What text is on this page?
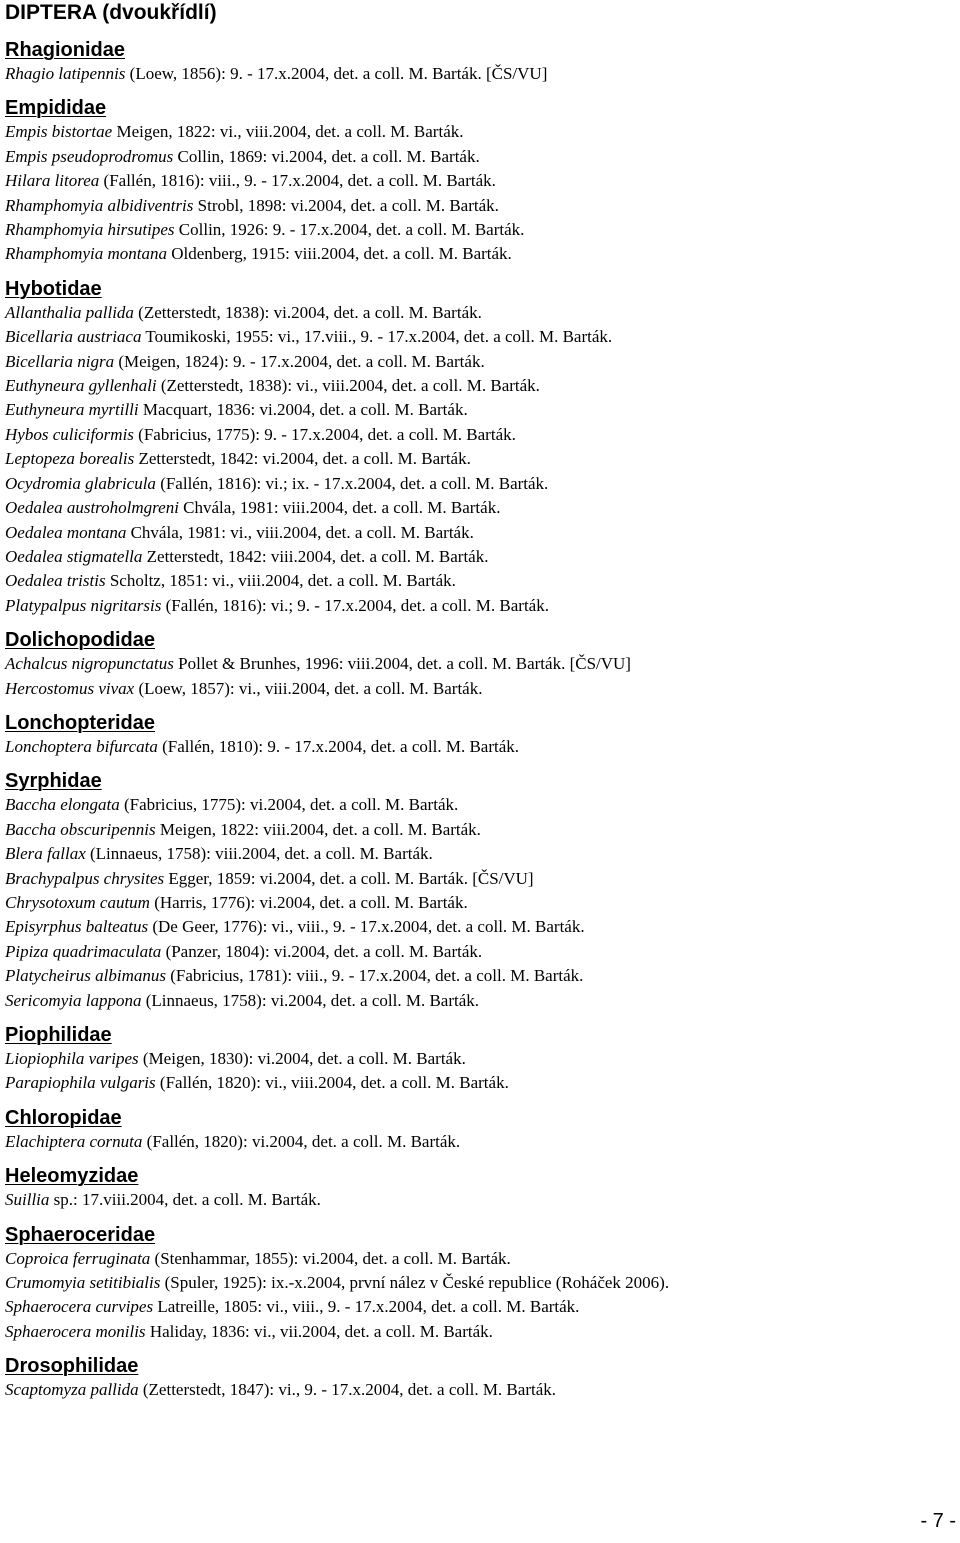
DIPTERA (dvoukřídlí)
Rhagionidae
Rhagio latipennis (Loew, 1856): 9. - 17.x.2004, det. a coll. M. Barták. [ČS/VU]
Empididae
Empis bistortae Meigen, 1822: vi., viii.2004, det. a coll. M. Barták.
Empis pseudoprodromus Collin, 1869: vi.2004, det. a coll. M. Barták.
Hilara litorea (Fallén, 1816): viii., 9. - 17.x.2004, det. a coll. M. Barták.
Rhamphomyia albidiventris Strobl, 1898: vi.2004, det. a coll. M. Barták.
Rhamphomyia hirsutipes Collin, 1926: 9. - 17.x.2004, det. a coll. M. Barták.
Rhamphomyia montana Oldenberg, 1915: viii.2004, det. a coll. M. Barták.
Hybotidae
Allanthalia pallida (Zetterstedt, 1838): vi.2004, det. a coll. M. Barták.
Bicellaria austriaca Toumikoski, 1955: vi., 17.viii., 9. - 17.x.2004, det. a coll. M. Barták.
Bicellaria nigra (Meigen, 1824): 9. - 17.x.2004, det. a coll. M. Barták.
Euthyneura gyllenhali (Zetterstedt, 1838): vi., viii.2004, det. a coll. M. Barták.
Euthyneura myrtilli Macquart, 1836: vi.2004, det. a coll. M. Barták.
Hybos culiciformis (Fabricius, 1775): 9. - 17.x.2004, det. a coll. M. Barták.
Leptopeza borealis Zetterstedt, 1842: vi.2004, det. a coll. M. Barták.
Ocydromia glabricula (Fallén, 1816): vi.; ix. - 17.x.2004, det. a coll. M. Barták.
Oedalea austroholmgreni Chvála, 1981: viii.2004, det. a coll. M. Barták.
Oedalea montana Chvála, 1981: vi., viii.2004, det. a coll. M. Barták.
Oedalea stigmatella Zetterstedt, 1842: viii.2004, det. a coll. M. Barták.
Oedalea tristis Scholtz, 1851: vi., viii.2004, det. a coll. M. Barták.
Platypalpus nigritarsis (Fallén, 1816): vi.; 9. - 17.x.2004, det. a coll. M. Barták.
Dolichopodidae
Achalcus nigropunctatus Pollet & Brunhes, 1996: viii.2004, det. a coll. M. Barták. [ČS/VU]
Hercostomus vivax (Loew, 1857): vi., viii.2004, det. a coll. M. Barták.
Lonchopteridae
Lonchoptera bifurcata (Fallén, 1810): 9. - 17.x.2004, det. a coll. M. Barták.
Syrphidae
Baccha elongata (Fabricius, 1775): vi.2004, det. a coll. M. Barták.
Baccha obscuripennis Meigen, 1822: viii.2004, det. a coll. M. Barták.
Blera fallax (Linnaeus, 1758): viii.2004, det. a coll. M. Barták.
Brachypalpus chrysites Egger, 1859: vi.2004, det. a coll. M. Barták. [ČS/VU]
Chrysotoxum cautum (Harris, 1776): vi.2004, det. a coll. M. Barták.
Episyrphus balteatus (De Geer, 1776): vi., viii., 9. - 17.x.2004, det. a coll. M. Barták.
Pipiza quadrimaculata (Panzer, 1804): vi.2004, det. a coll. M. Barták.
Platycheirus albimanus (Fabricius, 1781): viii., 9. - 17.x.2004, det. a coll. M. Barták.
Sericomyia lappona (Linnaeus, 1758): vi.2004, det. a coll. M. Barták.
Piophilidae
Liopiophila varipes (Meigen, 1830): vi.2004, det. a coll. M. Barták.
Parapiophila vulgaris (Fallén, 1820): vi., viii.2004, det. a coll. M. Barták.
Chloropidae
Elachiptera cornuta (Fallén, 1820): vi.2004, det. a coll. M. Barták.
Heleomyzidae
Suillia sp.: 17.viii.2004, det. a coll. M. Barták.
Sphaeroceridae
Coproica ferruginata (Stenhammar, 1855): vi.2004, det. a coll. M. Barták.
Crumomyia setitibialis (Spuler, 1925): ix.-x.2004, první nález v České republice (Roháček 2006).
Sphaerocera curvipes Latreille, 1805: vi., viii., 9. - 17.x.2004, det. a coll. M. Barták.
Sphaerocera monilis Haliday, 1836: vi., vii.2004, det. a coll. M. Barták.
Drosophilidae
Scaptomyza pallida (Zetterstedt, 1847): vi., 9. - 17.x.2004, det. a coll. M. Barták.
- 7 -
